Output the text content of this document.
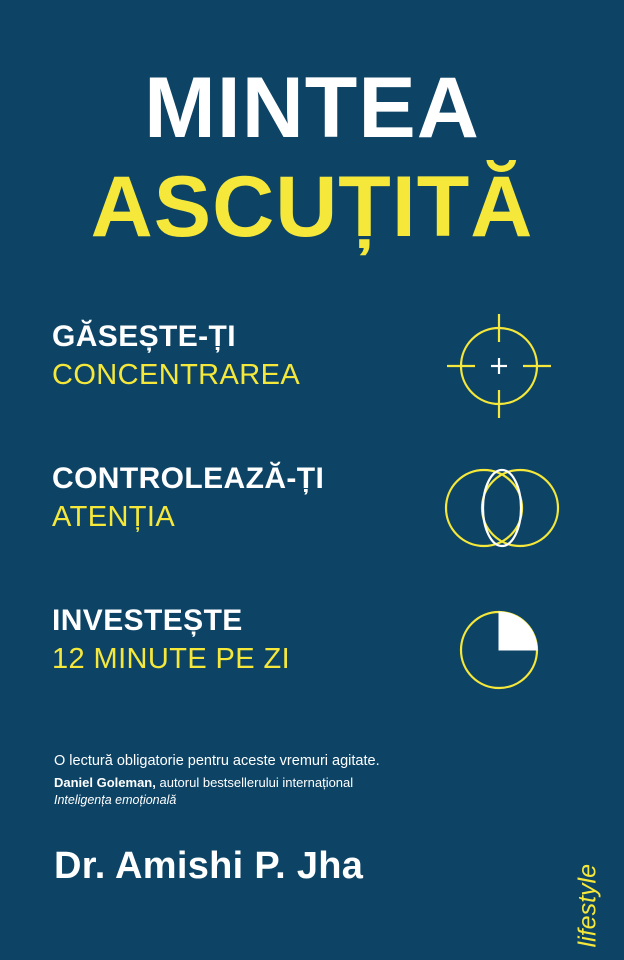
MINTEA
ASCUȚITĂ
GĂSEȘTE-ȚI
CONCENTRAREA
CONTROLEAZĂ-ȚI
ATENȚIA
INVESTEȘTE
12 MINUTE PE ZI
O lectură obligatorie pentru aceste vremuri agitate.
Daniel Goleman, autorul bestsellerului internațional
Inteligența emoțională
Dr. Amishi P. Jha	lifestyle
